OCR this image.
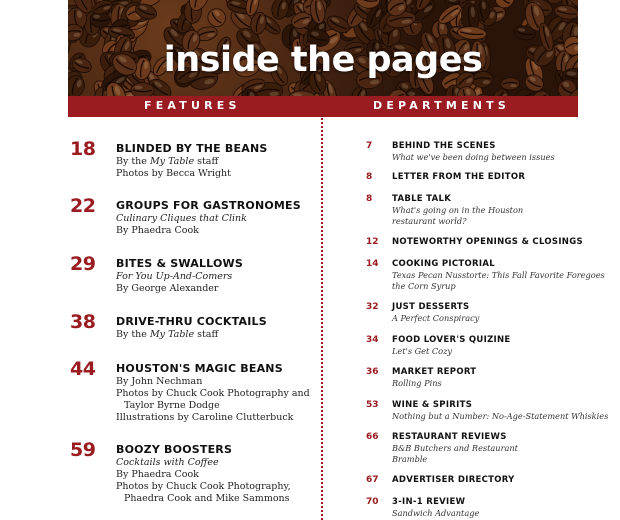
inside the pages
FEATURES	DEPARTMENTS
18 BLINDED BY THE BEANS
By the My Table staff
Photos by Becca Wright
22 GROUPS FOR GASTRONOMES
Culinary Cliques that Clink
By Phaedra Cook
29 BITES & SWALLOWS
For You Up-And-Comers
By George Alexander
38 DRIVE-THRU COCKTAILS
By the My Table staff
44 HOUSTON'S MAGIC BEANS
By John Nechman
Photos by Chuck Cook Photography and
Taylor Byrne Dodge
Illustrations by Caroline Clutterbuck
59 BOOZY BOOSTERS
Cocktails with Coffee
By Phaedra Cook
Photos by Chuck Cook Photography,
Phaedra Cook and Mike Sammons
7 BEHIND THE SCENES
What we've been doing between issues
8 LETTER FROM THE EDITOR
8 TABLE TALK
What's going on in the Houston
restaurant world?
12 NOTEWORTHY OPENINGS & CLOSINGS
14 COOKING PICTORIAL
Texas Pecan Nusstorte: This Fall Favorite Foregoes
the Corn Syrup
32 JUST DESSERTS
A Perfect Conspiracy
34 FOOD LOVER'S QUIZINE
Let's Get Cozy
36 MARKET REPORT
Rolling Pins
53 WINE & SPIRITS
Nothing but a Number: No-Age-Statement Whiskies
66 RESTAURANT REVIEWS
B&B Butchers and Restaurant
Bramble
67 ADVERTISER DIRECTORY
70 3-IN-1 REVIEW
Sandwich Advantage
